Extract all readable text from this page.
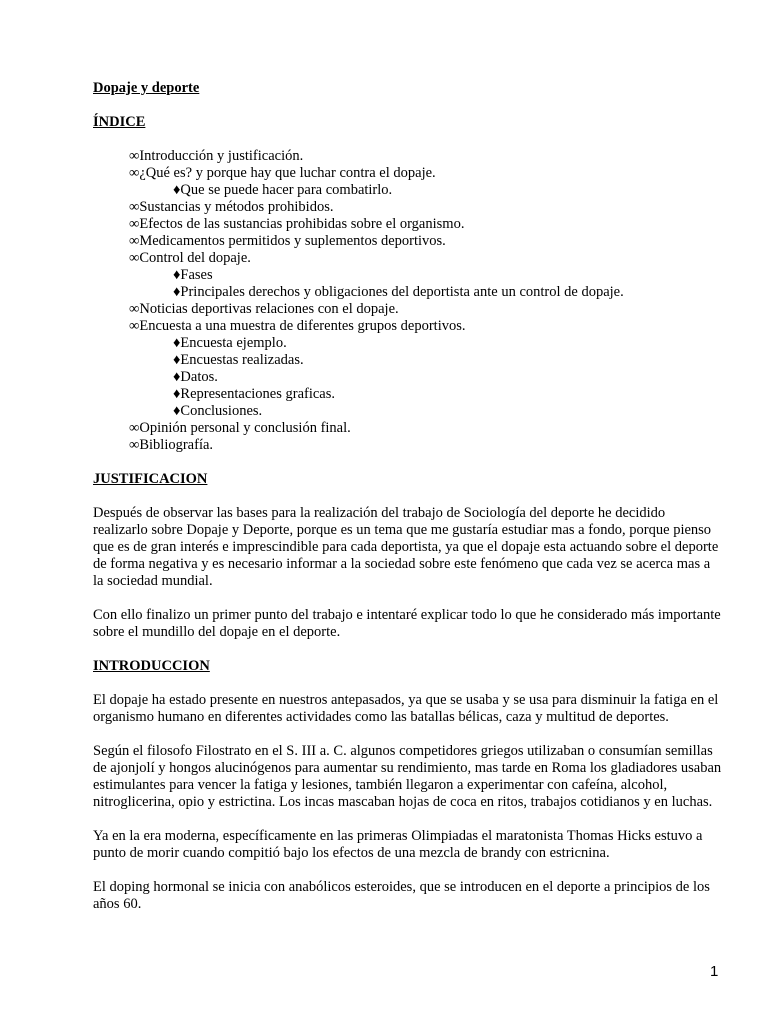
Dopaje y deporte

ÍNDICE

∞Introducción y justificación.
∞¿Qué es? y porque hay que luchar contra el dopaje.
♦Que se puede hacer para combatirlo.
∞Sustancias y métodos prohibidos.
∞Efectos de las sustancias prohibidas sobre el organismo.
∞Medicamentos permitidos y suplementos deportivos.
∞Control del dopaje.
♦Fases
♦Principales derechos y obligaciones del deportista ante un control de dopaje.
∞Noticias deportivas relaciones con el dopaje.
∞Encuesta a una muestra de diferentes grupos deportivos.
♦Encuesta ejemplo.
♦Encuestas realizadas.
♦Datos.
♦Representaciones graficas.
♦Conclusiones.
∞Opinión personal y conclusión final.
∞Bibliografía.

JUSTIFICACION

Después de observar las bases para la realización del trabajo de Sociología del deporte he decidido realizarlo sobre Dopaje y Deporte, porque es un tema que me gustaría estudiar mas a fondo, porque pienso que es de gran interés e imprescindible para cada deportista, ya que el dopaje esta actuando sobre el deporte de forma negativa y es necesario informar a la sociedad sobre este fenómeno que cada vez se acerca mas a la sociedad mundial.

Con ello finalizo un primer punto del trabajo e intentaré explicar todo lo que he considerado más importante sobre el mundillo del dopaje en el deporte.

INTRODUCCION

El dopaje ha estado presente en nuestros antepasados, ya que se usaba y se usa para disminuir la fatiga en el organismo humano en diferentes actividades como las batallas bélicas, caza y multitud de deportes.

Según el filosofo Filostrato en el S. III a. C. algunos competidores griegos utilizaban o consumían semillas de ajonjolí y hongos alucinógenos para aumentar su rendimiento, mas tarde en Roma los gladiadores usaban estimulantes para vencer la fatiga y lesiones, también llegaron a experimentar con cafeína, alcohol, nitroglicerina, opio y estrictina. Los incas mascaban hojas de coca en ritos, trabajos cotidianos y en luchas.

Ya en la era moderna, específicamente en las primeras Olimpiadas el maratonista Thomas Hicks estuvo a punto de morir cuando compitió bajo los efectos de una mezcla de brandy con estricnina.

El doping hormonal se inicia con anabólicos esteroides, que se introducen en el deporte a principios de los años 60.

1
